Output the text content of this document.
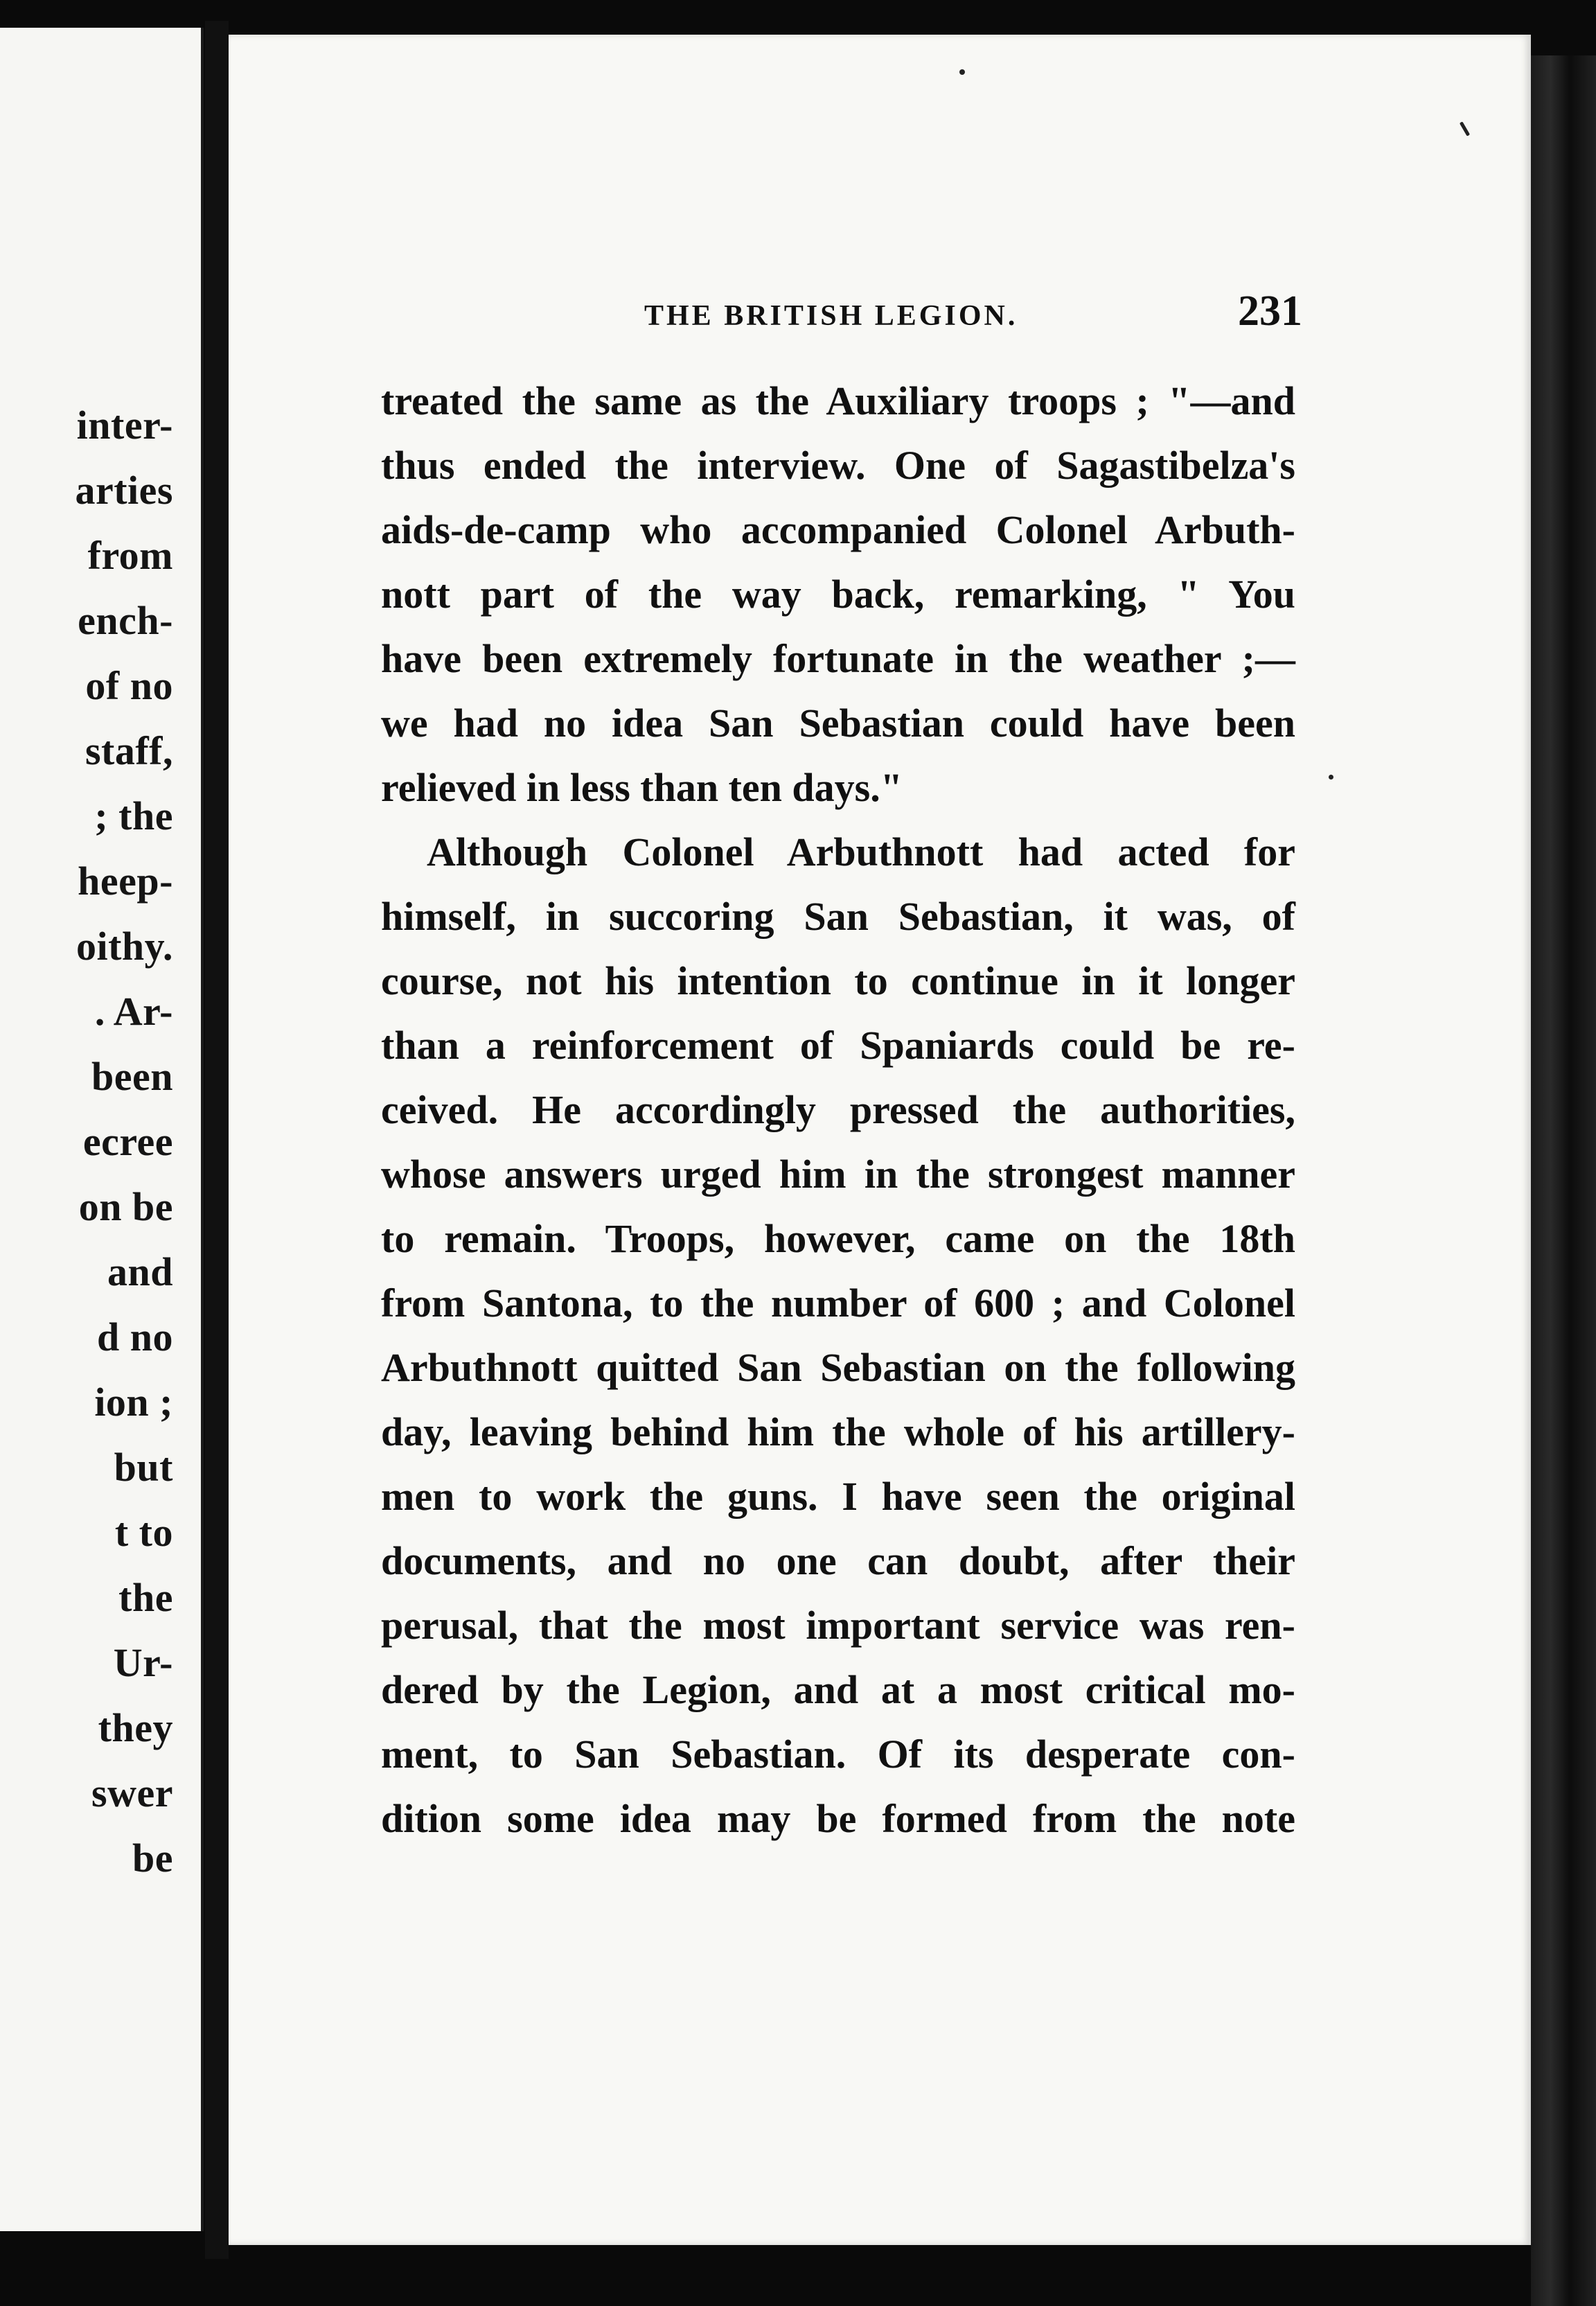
inter-
arties
from
ench-
of no
staff,
; the
heep-
oithy.
. Ar-
been
ecree
on be
and
d no
ion ;
but
t to
the
Ur-
they
swer
be
THE BRITISH LEGION.	231
treated the same as the Auxiliary troops ; "—and
thus ended the interview. One of Sagastibelza's
aids-de-camp who accompanied Colonel Arbuth-
nott part of the way back, remarking, " You
have been extremely fortunate in the weather ;—
we had no idea San Sebastian could have been
relieved in less than ten days."
Although Colonel Arbuthnott had acted for
himself, in succoring San Sebastian, it was, of
course, not his intention to continue in it longer
than a reinforcement of Spaniards could be re-
ceived. He accordingly pressed the authorities,
whose answers urged him in the strongest manner
to remain. Troops, however, came on the 18th
from Santona, to the number of 600 ; and Colonel
Arbuthnott quitted San Sebastian on the following
day, leaving behind him the whole of his artillery-
men to work the guns. I have seen the original
documents, and no one can doubt, after their
perusal, that the most important service was ren-
dered by the Legion, and at a most critical mo-
ment, to San Sebastian. Of its desperate con-
dition some idea may be formed from the note
